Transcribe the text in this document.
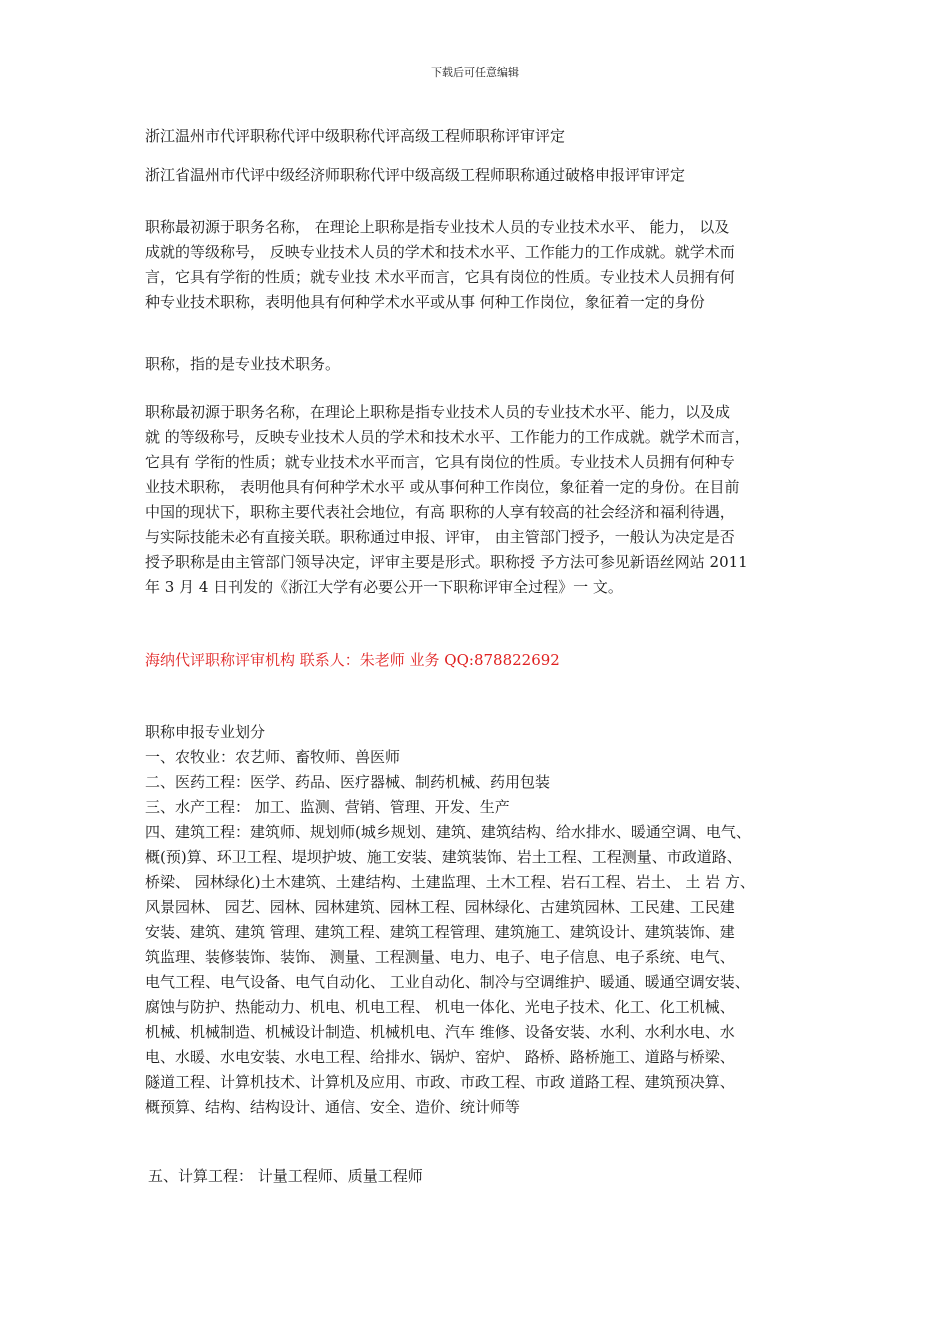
下载后可任意编辑
浙江温州市代评职称代评中级职称代评高级工程师职称评审评定
浙江省温州市代评中级经济师职称代评中级高级工程师职称通过破格申报评审评定
职称最初源于职务名称， 在理论上职称是指专业技术人员的专业技术水平、 能力， 以及
成就的等级称号， 反映专业技术人员的学术和技术水平、工作能力的工作成就。就学术而
言，它具有学衔的性质；就专业技 术水平而言，它具有岗位的性质。专业技术人员拥有何
种专业技术职称，表明他具有何种学术水平或从事 何种工作岗位，象征着一定的身份
职称，指的是专业技术职务。
职称最初源于职务名称，在理论上职称是指专业技术人员的专业技术水平、能力，以及成
就 的等级称号，反映专业技术人员的学术和技术水平、工作能力的工作成就。就学术而言，
它具有 学衔的性质；就专业技术水平而言，它具有岗位的性质。专业技术人员拥有何种专
业技术职称， 表明他具有何种学术水平 或从事何种工作岗位，象征着一定的身份。在目前
中国的现状下，职称主要代表社会地位，有高 职称的人享有较高的社会经济和福利待遇，
与实际技能未必有直接关联。职称通过申报、评审， 由主管部门授予，一般认为决定是否
授予职称是由主管部门领导决定，评审主要是形式。职称授 予方法可参见新语丝网站 2011
年 3 月 4 日刊发的《浙江大学有必要公开一下职称评审全过程》一 文。
海纳代评职称评审机构 联系人：朱老师 业务 QQ:878822692
职称申报专业划分
一、农牧业：农艺师、畜牧师、兽医师
二、医药工程：医学、药品、医疗器械、制药机械、药用包装
三、水产工程： 加工、监测、营销、管理、开发、生产
四、建筑工程：建筑师、规划师(城乡规划、建筑、建筑结构、给水排水、暖通空调、电气、
概(预)算、环卫工程、堤坝护坡、施工安装、建筑装饰、岩土工程、工程测量、市政道路、
桥梁、 园林绿化)土木建筑、土建结构、土建监理、土木工程、岩石工程、岩土、 土 岩 方、
风景园林、 园艺、园林、园林建筑、园林工程、园林绿化、古建筑园林、工民建、工民建
安装、建筑、建筑 管理、建筑工程、建筑工程管理、建筑施工、建筑设计、建筑装饰、建
筑监理、装修装饰、装饰、 测量、工程测量、电力、电子、电子信息、电子系统、电气、
电气工程、电气设备、电气自动化、 工业自动化、制冷与空调维护、暖通、暖通空调安装、
腐蚀与防护、热能动力、机电、机电工程、 机电一体化、光电子技术、化工、化工机械、
机械、机械制造、机械设计制造、机械机电、汽车 维修、设备安装、水利、水利水电、水
电、水暖、水电安装、水电工程、给排水、锅炉、窑炉、 路桥、路桥施工、道路与桥梁、
隧道工程、计算机技术、计算机及应用、市政、市政工程、市政 道路工程、建筑预决算、
概预算、结构、结构设计、通信、安全、造价、统计师等
五、计算工程： 计量工程师、质量工程师
